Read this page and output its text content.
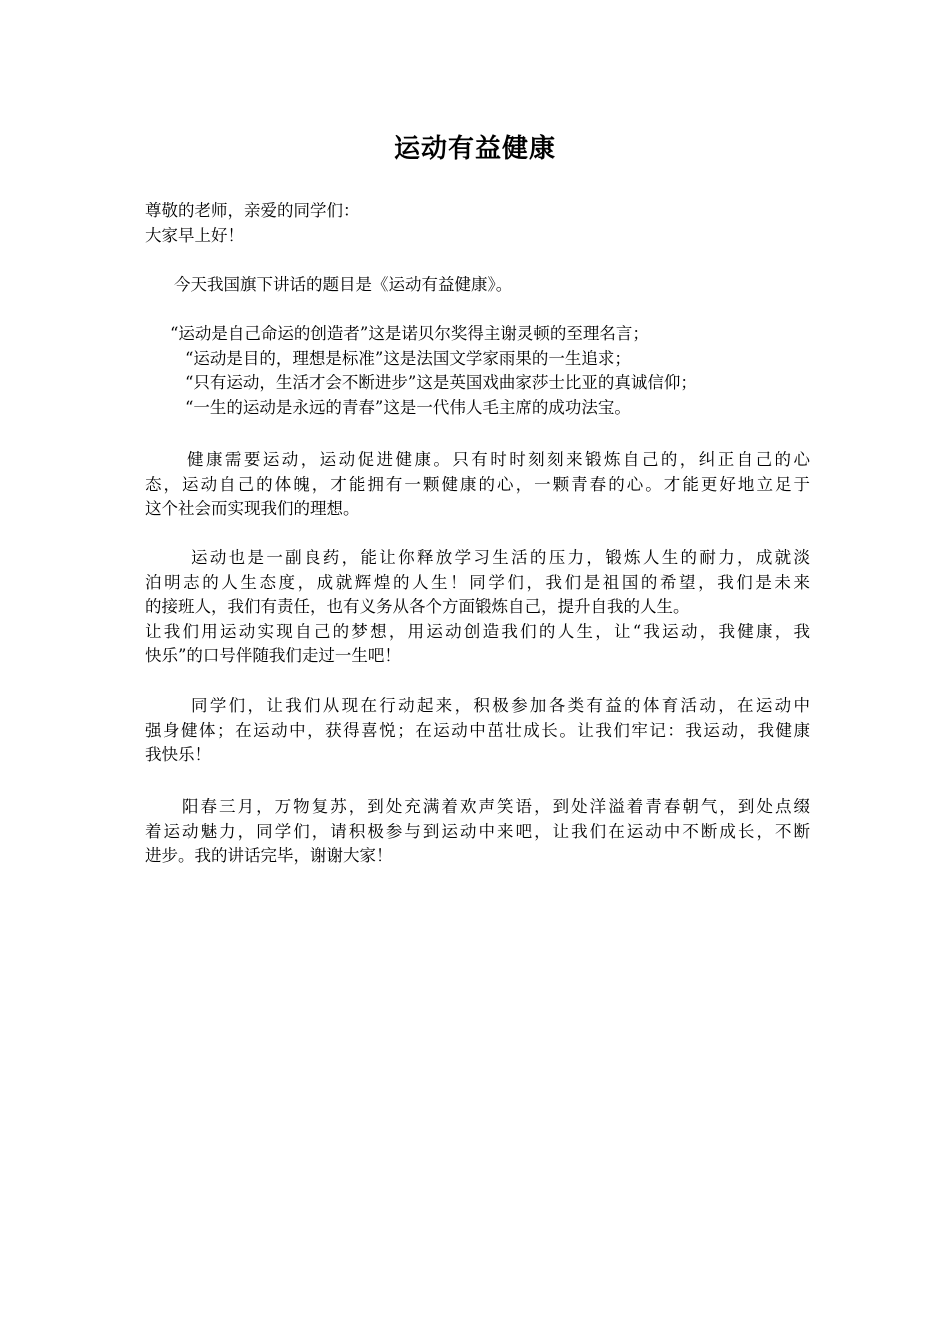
运动有益健康
尊敬的老师，亲爱的同学们：
大家早上好！
今天我国旗下讲话的题目是《运动有益健康》。
“运动是自己命运的创造者”这是诺贝尔奖得主谢灵顿的至理名言；
“运动是目的，理想是标准”这是法国文学家雨果的一生追求；
“只有运动，生活才会不断进步”这是英国戏曲家莎士比亚的真诚信仰；
“一生的运动是永远的青春”这是一代伟人毛主席的成功法宝。
健康需要运动，运动促进健康。只有时时刻刻来锻炼自己的，纠正自己的心
态，运动自己的体魄，才能拥有一颗健康的心，一颗青春的心。才能更好地立足于
这个社会而实现我们的理想。
运动也是一副良药，能让你释放学习生活的压力，锻炼人生的耐力，成就淡
泊明志的人生态度，成就辉煌的人生！同学们，我们是祖国的希望，我们是未来
的接班人，我们有责任，也有义务从各个方面锻炼自己，提升自我的人生。
让我们用运动实现自己的梦想，用运动创造我们的人生，让“我运动，我健康，我
快乐”的口号伴随我们走过一生吧！
同学们，让我们从现在行动起来，积极参加各类有益的体育活动，在运动中
强身健体；在运动中，获得喜悦；在运动中茁壮成长。让我们牢记：我运动，我健康
我快乐！
阳春三月，万物复苏，到处充满着欢声笑语，到处洋溢着青春朝气，到处点缀
着运动魅力，同学们，请积极参与到运动中来吧，让我们在运动中不断成长，不断
进步。我的讲话完毕，谢谢大家！
